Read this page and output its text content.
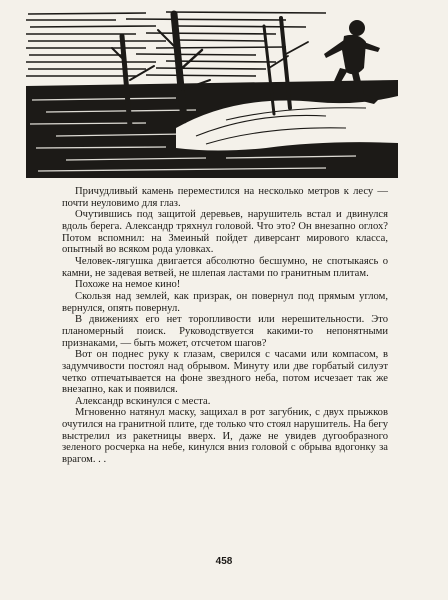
Причудливый камень переместился на несколько метров к лесу — почти неуловимо для глаз.

Очутившись под защитой деревьев, нарушитель встал и двинулся вдоль берега. Александр тряхнул головой. Что это? Он внезапно оглох? Потом вспомнил: на Змеиный пойдет диверсант мирового класса, опытный во всяком рода уловках.

Человек-лягушка двигается абсолютно бесшумно, не спотыкаясь о камни, не задевая ветвей, не шлепая ластами по гранитным плитам.

Похоже на немое кино!

Скользя над землей, как призрак, он повернул под прямым углом, вернулся, опять повернул.

В движениях его нет торопливости или нерешительности. Это планомерный поиск. Руководствуется какими-то непонятными признаками, — быть может, отсчетом шагов?

Вот он поднес руку к глазам, сверился с часами или компасом, в задумчивости постоял над обрывом. Минуту или две горбатый силуэт четко отпечатывается на фоне звездного неба, потом исчезает так же внезапно, как и появился.

Александр вскинулся с места.

Мгновенно натянул маску, защихал в рот загубник, с двух прыжков очутился на гранитной плите, где только что стоял нарушитель. На бегу выстрелил из ракетницы вверх. И, даже не увидев дугообразного зеленого росчерка на небе, кинулся вниз головой с обрыва вдогонку за врагом. . .

458
